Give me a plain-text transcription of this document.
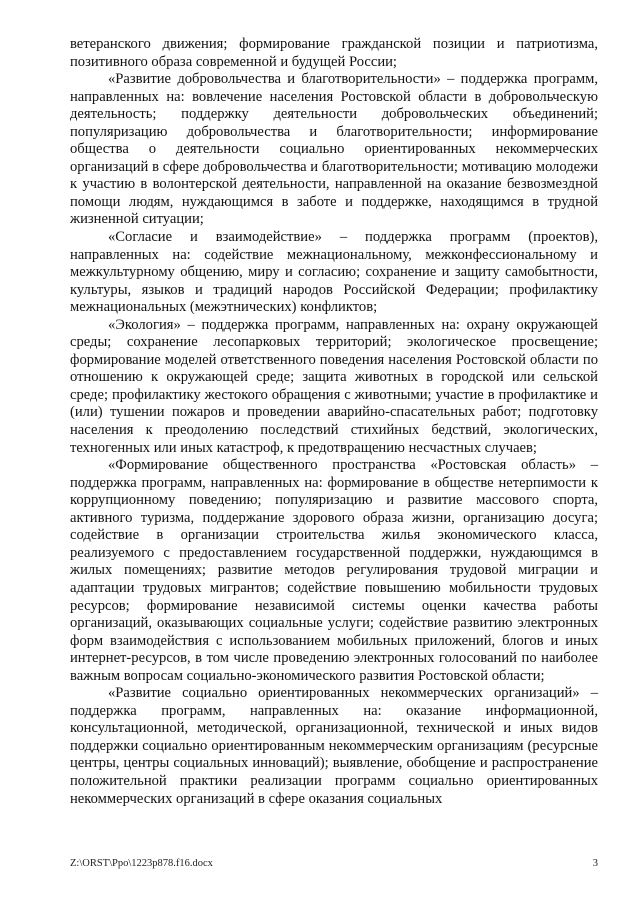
ветеранского движения; формирование гражданской позиции и патриотизма, позитивного образа современной и будущей России;

«Развитие добровольчества и благотворительности» – поддержка программ, направленных на: вовлечение населения Ростовской области в добровольческую деятельность; поддержку деятельности добровольческих объединений; популяризацию добровольчества и благотворительности; информирование общества о деятельности социально ориентированных некоммерческих организаций в сфере добровольчества и благотворительности; мотивацию молодежи к участию в волонтерской деятельности, направленной на оказание безвозмездной помощи людям, нуждающимся в заботе и поддержке, находящимся в трудной жизненной ситуации;

«Согласие и взаимодействие» – поддержка программ (проектов), направленных на: содействие межнациональному, межконфессиональному и межкультурному общению, миру и согласию; сохранение и защиту самобытности, культуры, языков и традиций народов Российской Федерации; профилактику межнациональных (межэтнических) конфликтов;

«Экология» – поддержка программ, направленных на: охрану окружающей среды; сохранение лесопарковых территорий; экологическое просвещение; формирование моделей ответственного поведения населения Ростовской области по отношению к окружающей среде; защита животных в городской или сельской среде; профилактику жестокого обращения с животными; участие в профилактике и (или) тушении пожаров и проведении аварийно-спасательных работ; подготовку населения к преодолению последствий стихийных бедствий, экологических, техногенных или иных катастроф, к предотвращению несчастных случаев;

«Формирование общественного пространства «Ростовская область» – поддержка программ, направленных на: формирование в обществе нетерпимости к коррупционному поведению; популяризацию и развитие массового спорта, активного туризма, поддержание здорового образа жизни, организацию досуга; содействие в организации строительства жилья экономического класса, реализуемого с предоставлением государственной поддержки, нуждающимся в жилых помещениях; развитие методов регулирования трудовой миграции и адаптации трудовых мигрантов; содействие повышению мобильности трудовых ресурсов; формирование независимой системы оценки качества работы организаций, оказывающих социальные услуги; содействие развитию электронных форм взаимодействия с использованием мобильных приложений, блогов и иных интернет-ресурсов, в том числе проведению электронных голосований по наиболее важным вопросам социально-экономического развития Ростовской области;

«Развитие социально ориентированных некоммерческих организаций» – поддержка программ, направленных на: оказание информационной, консультационной, методической, организационной, технической и иных видов поддержки социально ориентированным некоммерческим организациям (ресурсные центры, центры социальных инноваций); выявление, обобщение и распространение положительной практики реализации программ социально ориентированных некоммерческих организаций в сфере оказания социальных

Z:\ORST\Ppo\1223p878.f16.docx	3
